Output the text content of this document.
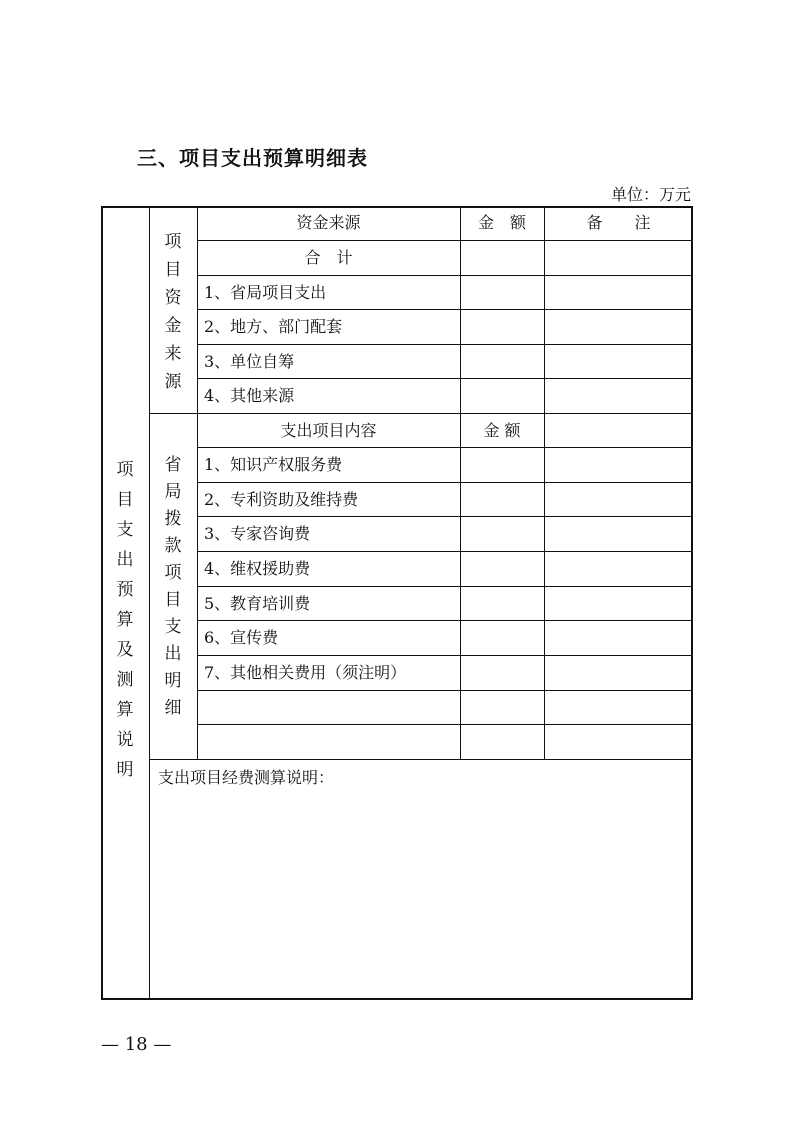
三、项目支出预算明细表
单位：万元
项
目
支
出
预
算
及
测
算
说
明
项
目
资
金
来
源
省
局
拨
款
项
目
支
出
明
细
资金来源	金　额	备　　注
合　计
1、省局项目支出
2、地方、部门配套
3、单位自筹
4、其他来源
支出项目内容	金 额
1、知识产权服务费
2、专利资助及维持费
3、专家咨询费
4、维权援助费
5、教育培训费
6、宣传费
7、其他相关费用（须注明）
支出项目经费测算说明：
— 18 —
